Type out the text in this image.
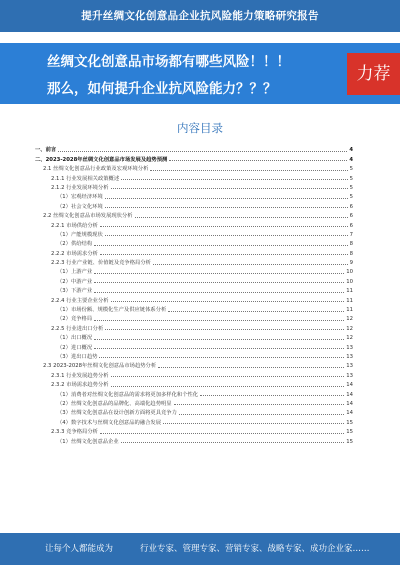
提升丝绸文化创意品企业抗风险能力策略研究报告
丝绸文化创意品市场都有哪些风险！！！
那么，如何提升企业抗风险能力？？？
力荐
内容目录
一、前言	4
二、2023-2028年丝绸文化创意品市场发展及趋势预测	4
2.1 丝绸文化创意品行业政策及宏观环境分析	5
2.1.1 行业发展相关政策概述	5
2.1.2 行业发展环境分析	5
（1）宏观经济环境	5
（2）社会文化环境	6
2.2 丝绸文化创意品市场发展现状分析	6
2.2.1 市场供给分析	6
（1）产能规模现状	7
（2）供给结构	8
2.2.2 市场需求分析	8
2.2.3 行业产业链、价值链及竞争格局分析	9
（1）上游产业	10
（2）中游产业	10
（3）下游产业	11
2.2.4 行业主要企业分析	11
（1）市场份额、规模化生产及供应链体系分析	11
（2）竞争格局	12
2.2.5 行业进出口分析	12
（1）出口概况	12
（2）进口概况	13
（3）进出口趋势	13
2.3 2023-2028年丝绸文化创意品市场趋势分析	13
2.3.1 行业发展趋势分析	13
2.3.2 市场需求趋势分析	14
（1）消费者对丝绸文化创意品的需求将更加多样化和个性化	14
（2）丝绸文化创意品的品牌化、高端化趋势明显	14
（3）丝绸文化创意品在设计创新方面将更具竞争力	14
（4）数字技术与丝绸文化创意品的融合发展	15
2.3.3 竞争格局分析	15
（1）丝绸文化创意品企业	15
让每个人都能成为	行业专家、管理专家、营销专家、战略专家、成功企业家……
